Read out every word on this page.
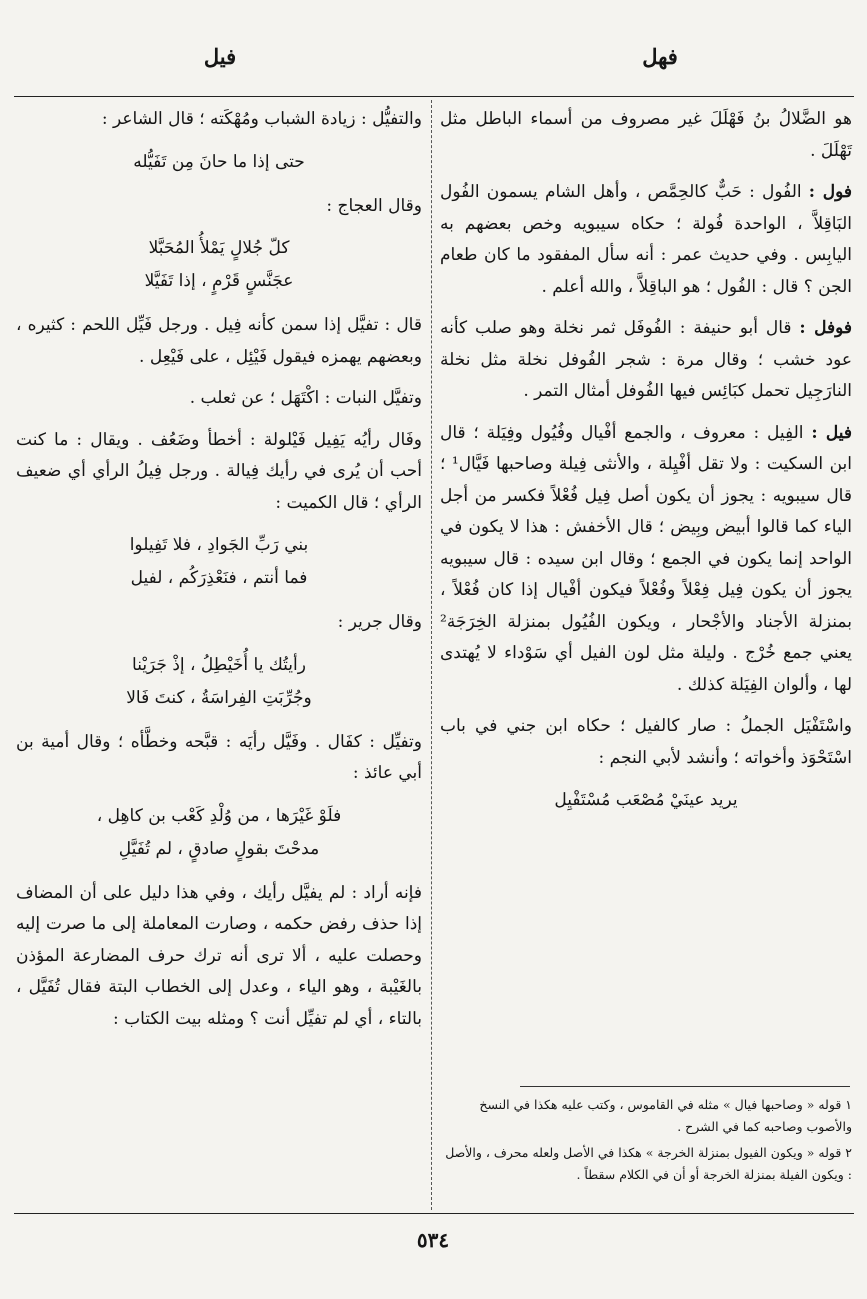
فهل
فيل

هو الضَّلالُ بنُ فَهْلَلَ غير مصروف من أسماء الباطل مثل تَهْلَلَ .

فول : الفُول : حَبٌّ كالحِمَّص ، وأهل الشام يسمون الفُول البَاقِلاَّ ، الواحدة فُولة ؛ حكاه سيبويه وخص بعضهم به اليابِس . وفي حديث عمر : أنه سأل المفقود ما كان طعام الجن ؟ قال : الفُول ؛ هو الباقِلاَّ ، والله أعلم .

فوفل : قال أبو حنيفة : الفُوفَل ثمر نخلة وهو صلب كأنه عود خشب ؛ وقال مرة : شجر الفُوفل نخلة مثل نخلة النارَجِيل تحمل كبَائِس فيها الفُوفل أمثال التمر .

فيل : الفِيل : معروف ، والجمع أفْيال وفُيُول وفِيَلة ؛ قال ابن السكيت : ولا تقل أفْيِلة ، والأنثى فِيلة وصاحبها فَيَّال¹ ؛ قال سيبويه : يجوز أن يكون أصل فِيل فُعْلاً فكسر من أجل الياء كما قالوا أبيض وبِيض ؛ قال الأخفش : هذا لا يكون في الواحد إنما يكون في الجمع ؛ وقال ابن سيده : قال سيبويه يجوز أن يكون فِيل فِعْلاً وفُعْلاً فيكون أفْيال إذا كان فُعْلاً ، بمنزلة الأجناد والأجْحار ، ويكون الفُيُول بمنزلة الخِرَجَة² يعني جمع خُرْج . وليلة مثل لون الفيل أي سَوْداء لا يُهتدى لها ، وألوان الفِيَلة كذلك .

واسْتَفْيَل الجملُ : صار كالفيل ؛ حكاه ابن جني في باب اسْتَحْوَذ وأخواته ؛ وأنشد لأبي النجم :

يريد عينَيْ مُصْعَب مُسْتَفْيِل

١ قوله « وصاحبها فيال » مثله في القاموس ، وكتب عليه هكذا في النسخ والأصوب وصاحبه كما في الشرح .

٢ قوله « ويكون الفيول بمنزلة الخرجة » هكذا في الأصل ولعله محرف ، والأصل : ويكون الفيلة بمنزلة الخرجة أو أن في الكلام سقطاً .

والتفيُّل : زيادة الشباب ومُهْكَته ؛ قال الشاعر :

حتى إذا ما حانَ مِن تَفَيُّله

وقال العجاج :

كلّ جُلالٍ يَمْلأُ المُحَبَّلا
عجَنَّسٍ قَرْمٍ ، إذا تَفَيَّلا

قال : تفيَّل إذا سمن كأنه فِيل . ورجل فَيِّل اللحم : كثيره ، وبعضهم يهمزه فيقول فَيْئِل ، على فَيْعِل .

وتفيَّل النبات : اكْتَهَل ؛ عن ثعلب .

وفَال رأيُه يَفِيل فَيْلولة : أخطأ وضَعُف . ويقال : ما كنت أحب أن يُرى في رأيك فِيالة . ورجل فِيلُ الرأي أي ضعيف الرأي ؛ قال الكميت :

بني رَبِّ الجَوادِ ، فلا تَفِيلوا
فما أنتم ، فنَعْذِرَكُم ، لفيل

وقال جرير :

رأيتُك يا أُخَيْطِلُ ، إذْ جَرَيْنا
وجُرِّبَتِ الفِراسَةُ ، كنتَ فَالا

وتفيِّل : كفَال . وفَيَّل رأيَه : قبَّحه وخطَّأه ؛ وقال أمية بن أبي عائذ :

فلَوْ غَيْرَها ، من وُلْدِ كَعْب بن كاهِل ،
مدحْتَ بقولٍ صادقٍ ، لم تُفَيَّلِ

فإنه أراد : لم يفيَّل رأيك ، وفي هذا دليل على أن المضاف إذا حذف رفض حكمه ، وصارت المعاملة إلى ما صرت إليه وحصلت عليه ، ألا ترى أنه ترك حرف المضارعة المؤذن بالغَيْبة ، وهو الياء ، وعدل إلى الخطاب البتة فقال تُفَيَّل ، بالتاء ، أي لم تفيِّل أنت ؟ ومثله بيت الكتاب :

٥٣٤
